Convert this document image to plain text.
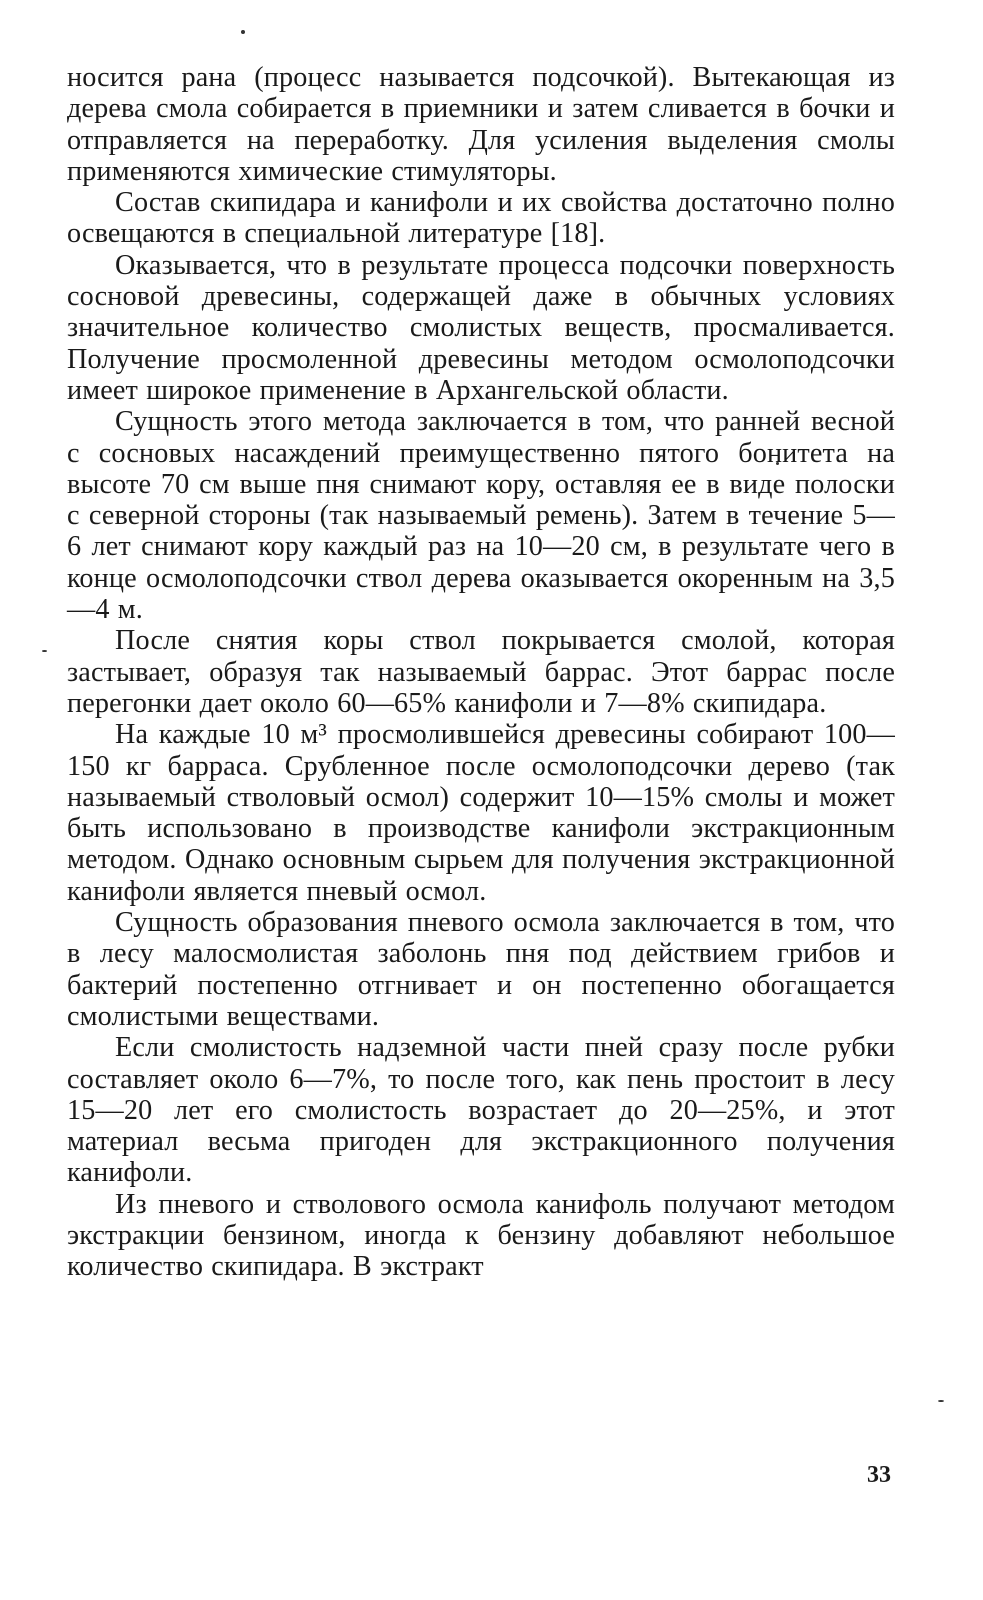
носится рана (процесс называется подсочкой). Вытекающая из дерева смола собирается в приемники и затем сливается в бочки и отправляется на переработку. Для усиления выделения смолы применяются химические стимуляторы.

Состав скипидара и канифоли и их свойства достаточно полно освещаются в специальной литературе [18].

Оказывается, что в результате процесса подсочки поверхность сосновой древесины, содержащей даже в обычных условиях значительное количество смолистых веществ, просмаливается. Получение просмоленной древесины методом осмолоподсочки имеет широкое применение в Архангельской области.

Сущность этого метода заключается в том, что ранней весной с сосновых насаждений преимущественно пятого бонитета на высоте 70 см выше пня снимают кору, оставляя ее в виде полоски с северной стороны (так называемый ремень). Затем в течение 5—6 лет снимают кору каждый раз на 10—20 см, в результате чего в конце осмолоподсочки ствол дерева оказывается окоренным на 3,5—4 м.

После снятия коры ствол покрывается смолой, которая застывает, образуя так называемый баррас. Этот баррас после перегонки дает около 60—65% канифоли и 7—8% скипидара.

На каждые 10 м³ просмолившейся древесины собирают 100—150 кг барраса. Срубленное после осмолоподсочки дерево (так называемый стволовый осмол) содержит 10—15% смолы и может быть использовано в производстве канифоли экстракционным методом. Однако основным сырьем для получения экстракционной канифоли является пневый осмол.

Сущность образования пневого осмола заключается в том, что в лесу малосмолистая заболонь пня под действием грибов и бактерий постепенно отгнивает и он постепенно обогащается смолистыми веществами.

Если смолистость надземной части пней сразу после рубки составляет около 6—7%, то после того, как пень простоит в лесу 15—20 лет его смолистость возрастает до 20—25%, и этот материал весьма пригоден для экстракционного получения канифоли.

Из пневого и стволового осмола канифоль получают методом экстракции бензином, иногда к бензину добавляют небольшое количество скипидара. В экстракт

33
